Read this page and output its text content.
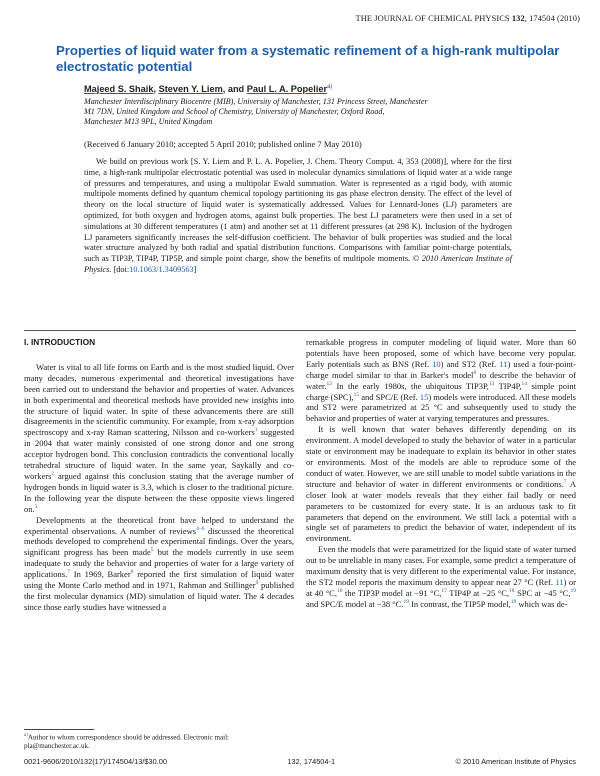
THE JOURNAL OF CHEMICAL PHYSICS 132, 174504 (2010)
Properties of liquid water from a systematic refinement of a high-rank multipolar electrostatic potential
Majeed S. Shaik, Steven Y. Liem, and Paul L. A. Popelier$^{a)}$

Manchester Interdisciplinary Biocentre (MIB), University of Manchester, 131 Princess Street, Manchester

M1 7DN, United Kingdom and School of Chemistry, University of Manchester, Oxford Road,

Manchester M13 9PL, United Kingdom

(Received 6 January 2010; accepted 5 April 2010; published online 7 May 2010)

We build on previous work [S. Y. Liem and P. L. A. Popelier, J. Chem. Theory Comput. 4, 353 (2008)], where for the first time, a high-rank multipolar electrostatic potential was used in molecular dynamics simulations of liquid water at a wide range of pressures and temperatures, and using a multipolar Ewald summation. Water is represented as a rigid body, with atomic multipole moments defined by quantum chemical topology partitioning its gas phase electron density. The effect of the level of theory on the local structure of liquid water is systematically addressed. Values for Lennard-Jones (LJ) parameters are optimized, for both oxygen and hydrogen atoms, against bulk properties. The best LJ parameters were then used in a set of simulations at 30 different temperatures (1 atm) and another set at 11 different pressures (at 298 K). Inclusion of the hydrogen LJ parameters significantly increases the self-diffusion coefficient. The behavior of bulk properties was studied and the local water structure analyzed by both radial and spatial distribution functions. Comparisons with familiar point-charge potentials, such as TIP3P, TIP4P, TIP5P, and simple point charge, show the benefits of multipole moments. © 2010 American Institute of Physics. [doi:10.1063/1.3409563]

I. INTRODUCTION

Water is vital to all life forms on Earth and is the most studied liquid. Over many decades, numerous experimental and theoretical investigations have been carried out to understand the behavior and properties of water. Advances in both experimental and theoretical methods have provided new insights into the structure of liquid water. In spite of these advancements there are still disagreements in the scientific community. For example, from x-ray adsorption spectroscopy and x-ray Raman scattering, Nilsson and co-workers$^1$ suggested in 2004 that water mainly consisted of one strong donor and one strong acceptor hydrogen bond. This conclusion contradicts the conventional locally tetrahedral structure of liquid water. In the same year, Saykally and co-workers$^2$ argued against this conclusion stating that the average number of hydrogen bonds in liquid water is 3.3, which is closer to the traditional picture. In the following year the dispute between the these opposite views lingered on.$^3$

Developments at the theoretical front have helped to understand the experimental observations. A number of reviews$^{4-6}$ discussed the theoretical methods developed to comprehend the experimental findings. Over the years, significant progress has been made$^5$ but the models currently in use seem inadequate to study the behavior and properties of water for a large variety of applications.$^7$ In 1969, Barker$^8$ reported the first simulation of liquid water using the Monte Carlo method and in 1971, Rahman and Stillinger$^9$ published the first molecular dynamics (MD) simulation of liquid water. The 4 decades since those early studies have witnessed a

remarkable progress in computer modeling of liquid water. More than 60 potentials have been proposed, some of which have become very popular. Early potentials such as BNS (Ref. 10) and ST2 (Ref. 11) used a four-point-charge model similar to that in Barker's model$^8$ to describe the behavior of water.$^{12}$ In the early 1980s, the ubiquitous TIP3P,$^{13}$ TIP4P,$^{14}$ simple point charge (SPC),$^{15}$ and SPC/E (Ref. 15) models were introduced. All these models and ST2 were parametrized at 25 °C and subsequently used to study the behavior and properties of water at varying temperatures and pressures.

It is well known that water behaves differently depending on its environment. A model developed to study the behavior of water in a particular state or environment may be inadequate to explain its behavior in other states or environments. Most of the models are able to reproduce some of the conduct of water. However, we are still unable to model subtle variations in the structure and behavior of water in different environments or conditions.$^7$ A closer look at water models reveals that they either fail badly or need parameters to be customized for every state. It is an arduous task to fit parameters that depend on the environment. We still lack a potential with a single set of parameters to predict the behavior of water, independent of its environment.

Even the models that were parametrized for the liquid state of water turned out to be unreliable in many cases. For example, some predict a temperature of maximum density that is very different to the experimental value. For instance, the ST2 model reports the maximum density to appear near 27 °C (Ref. 11) or at 40 °C,$^{16}$ the TIP3P model at −91 °C,$^{17}$ TIP4P at −25 °C,$^{18}$ SPC at −45 °C,$^{19}$ and SPC/E model at −38 °C.$^{19}$ In contrast, the TIP5P model,$^{18}$ which was de-

$^{a)}$Author to whom correspondence should be addressed. Electronic mail: pla@manchester.ac.uk.
0021-9606/2010/132(17)/174504/13/$30.00	132, 174504-1	© 2010 American Institute of Physics
